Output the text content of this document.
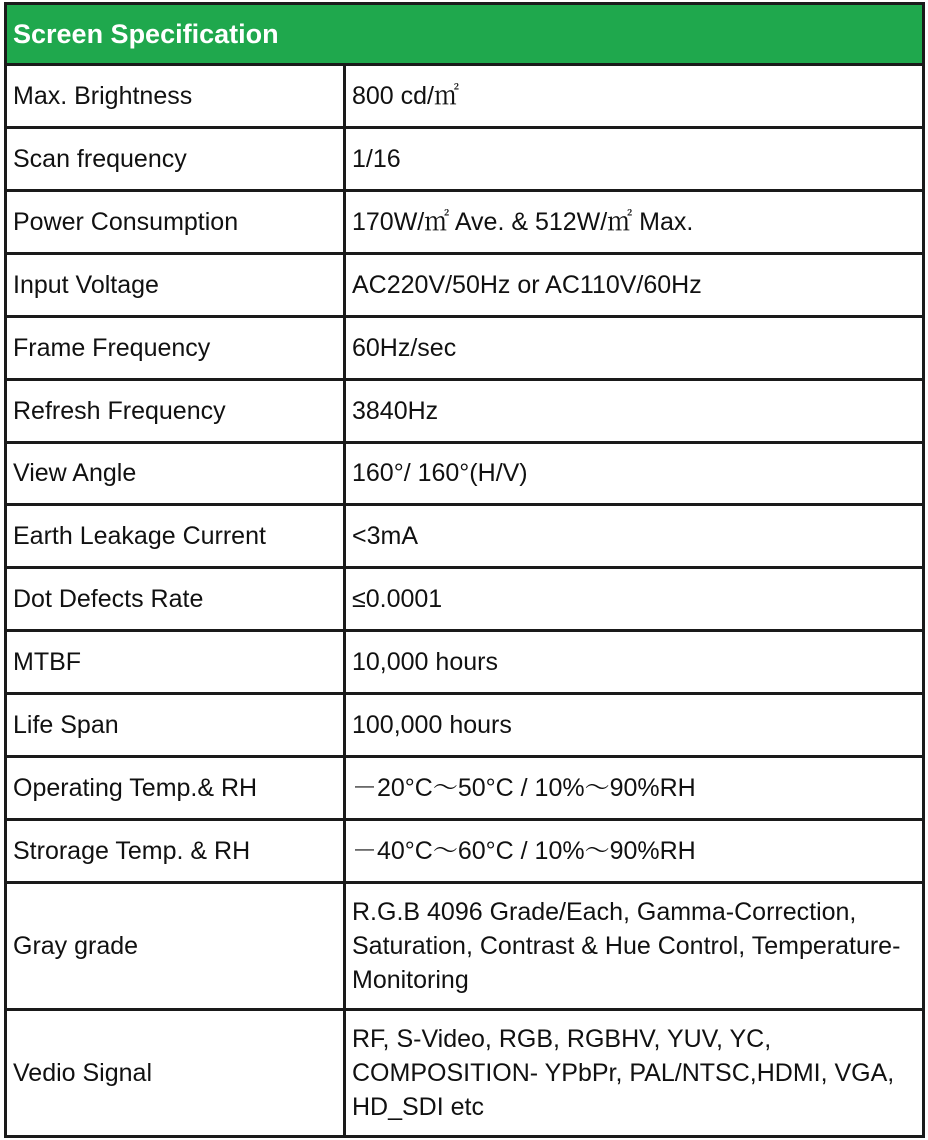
Screen Specification	
Max. Brightness	800 cd/㎡
Scan frequency	1/16
Power Consumption	170W/㎡ Ave. & 512W/㎡ Max.
Input Voltage	AC220V/50Hz or AC110V/60Hz
Frame Frequency	60Hz/sec
Refresh Frequency	3840Hz
View Angle	160°/ 160°(H/V)
Earth Leakage Current	<3mA
Dot Defects Rate	≤0.0001
MTBF	10,000 hours
Life Span	100,000 hours
Operating Temp.& RH	－20°C～50°C / 10%～90%RH
Strorage Temp. & RH	－40°C～60°C / 10%～90%RH
Gray grade	R.G.B 4096 Grade/Each, Gamma-Correction, Saturation, Contrast & Hue Control, Temperature-Monitoring
Vedio Signal	RF, S-Video, RGB, RGBHV, YUV, YC, COMPOSITION- YPbPr, PAL/NTSC,HDMI, VGA, HD_SDI etc
